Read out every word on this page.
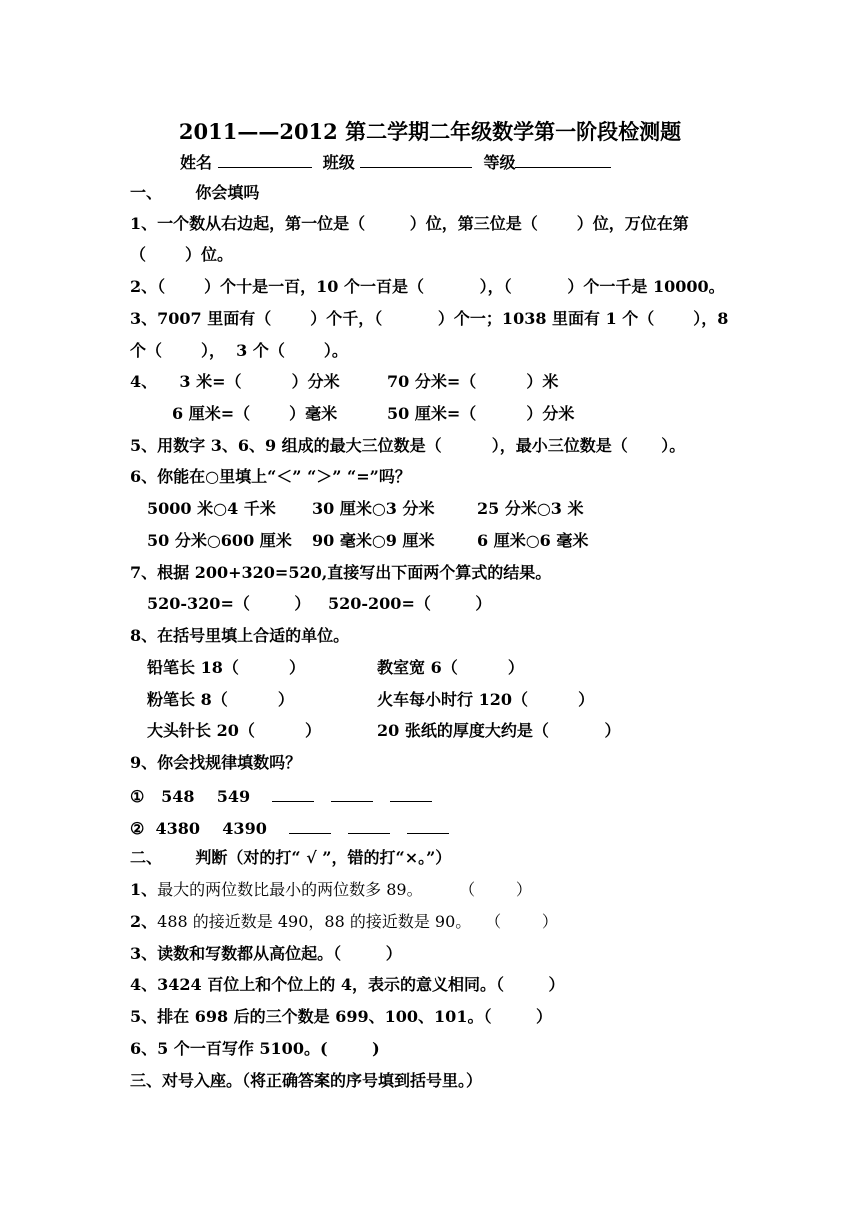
2011——2012 第二学期二年级数学第一阶段检测题
姓名	班级	等级
一、      你会填吗
1、一个数从右边起，第一位是（        ）位，第三位是（       ）位，万位在第
（       ）位。
2、（       ）个十是一百，10 个一百是（          ），（          ）个一千是 10000。
3、7007 里面有（       ）个千，（          ）个一；1038 里面有 1 个（       ），8
个（       ），  3 个（       ）。
4、    3 米=（         ）分米	70 分米=（         ）米
6 厘米=（       ）毫米	50 厘米=（         ）分米
5、用数字 3、6、9 组成的最大三位数是（         ），最小三位数是（      ）。
6、你能在○里填上“＜” “＞” “=”吗？
5000 米○4 千米 30 厘米○3 分米	25 分米○3 米
50 分米○600 厘米 90 毫米○9 厘米	6 厘米○6 毫米
7、根据 200+320=520,直接写出下面两个算式的结果。
520-320=（        ） 520-200=（        ）
8、在括号里填上合适的单位。
铅笔长 18（         ）	教室宽 6（         ）
粉笔长 8（         ）	火车每小时行 120（         ）
大头针长 20（         ）	20 张纸的厚度大约是（          ）
9、你会找规律填数吗？
① 548    549
② 4380    4390
二、      判断（对的打“ √ ”，错的打“×。”）
1、最大的两位数比最小的两位数多 89。 （        ）
2、488 的接近数是 490，88 的接近数是 90。 （        ）
3、读数和写数都从高位起。（        ）
4、3424 百位上和个位上的 4，表示的意义相同。（        ）
5、排在 698 后的三个数是 699、100、101。（        ）
6、5 个一百写作 5100。(        )
三、对号入座。（将正确答案的序号填到括号里。）
